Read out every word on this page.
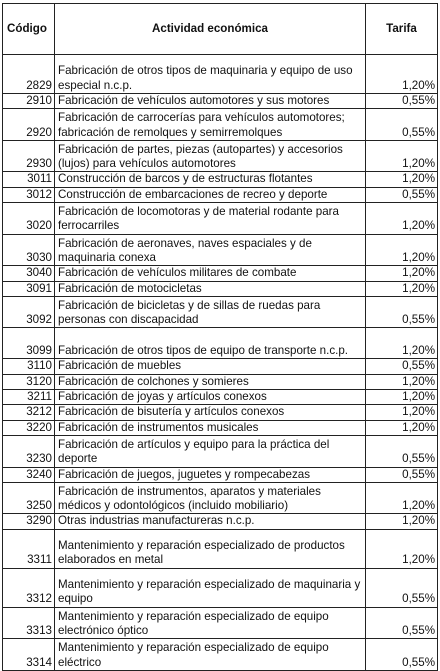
Código	Actividad económica	Tarifa
2829	Fabricación de otros tipos de maquinaria y equipo de uso especial n.c.p.	1,20%
2910	Fabricación de vehículos automotores y sus motores	0,55%
2920	Fabricación de carrocerías para vehículos automotores; fabricación de remolques y semirremolques	0,55%
2930	Fabricación de partes, piezas (autopartes) y accesorios (lujos) para vehículos automotores	1,20%
3011	Construcción de barcos y de estructuras flotantes	1,20%
3012	Construcción de embarcaciones de recreo y deporte	0,55%
3020	Fabricación de locomotoras y de material rodante para ferrocarriles	1,20%
3030	Fabricación de aeronaves, naves espaciales y de maquinaria conexa	1,20%
3040	Fabricación de vehículos militares de combate	1,20%
3091	Fabricación de motocicletas	1,20%
3092	Fabricación de bicicletas y de sillas de ruedas para personas con discapacidad	0,55%
3099	Fabricación de otros tipos de equipo de transporte n.c.p.	1,20%
3110	Fabricación de muebles	0,55%
3120	Fabricación de colchones y somieres	1,20%
3211	Fabricación de joyas y artículos conexos	1,20%
3212	Fabricación de bisutería y artículos conexos	1,20%
3220	Fabricación de instrumentos musicales	1,20%
3230	Fabricación de artículos y equipo para la práctica del deporte	0,55%
3240	Fabricación de juegos, juguetes y rompecabezas	0,55%
3250	Fabricación de instrumentos, aparatos y materiales médicos y odontológicos (incluido mobiliario)	1,20%
3290	Otras industrias manufactureras n.c.p.	1,20%
3311	Mantenimiento y reparación especializado de productos elaborados en metal	1,20%
3312	Mantenimiento y reparación especializado de maquinaria y equipo	0,55%
3313	Mantenimiento y reparación especializado de equipo electrónico óptico	0,55%
3314	Mantenimiento y reparación especializado de equipo eléctrico	0,55%
